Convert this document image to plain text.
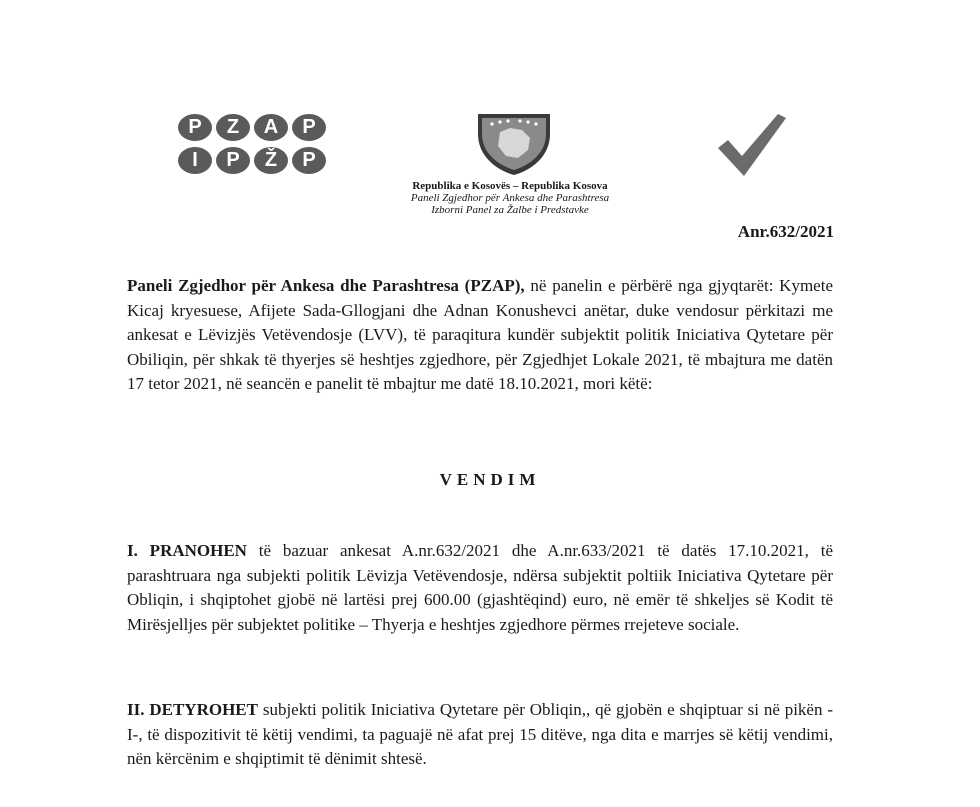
P	Z	A	P
I	P	Ž	P
Republika e Kosovës – Republika Kosova
Paneli Zgjedhor për Ankesa dhe Parashtresa
Izborni Panel za Žalbe i Predstavke
Anr.632/2021
Paneli Zgjedhor për Ankesa dhe Parashtresa (PZAP), në panelin e përbërë nga gjyqtarët: Kymete Kicaj kryesuese, Afijete Sada-Gllogjani dhe Adnan Konushevci anëtar, duke vendosur përkitazi me ankesat e Lëvizjës Vetëvendosje (LVV), të paraqitura kundër subjektit politik Iniciativa Qytetare për Obiliqin, për shkak të thyerjes së heshtjes zgjedhore, për Zgjedhjet Lokale 2021, të mbajtura me datën 17 tetor 2021, në seancën e panelit të mbajtur me datë 18.10.2021, mori këtë:
VENDIM
I. PRANOHEN të bazuar ankesat A.nr.632/2021 dhe A.nr.633/2021 të datës 17.10.2021, të parashtruara nga subjekti politik Lëvizja Vetëvendosje, ndërsa subjektit poltiik Iniciativa Qytetare për Obliqin, i shqiptohet gjobë në lartësi prej 600.00 (gjashtëqind) euro, në emër të shkeljes së Kodit të Mirësjelljes për subjektet politike – Thyerja e heshtjes zgjedhore përmes rrejeteve sociale.
II. DETYROHET subjekti politik Iniciativa Qytetare për Obliqin,, që gjobën e shqiptuar si në pikën -I-, të dispozitivit të këtij vendimi, ta paguajë në afat prej 15 ditëve, nga dita e marrjes së këtij vendimi, nën kërcënim e shqiptimit të dënimit shtesë.
